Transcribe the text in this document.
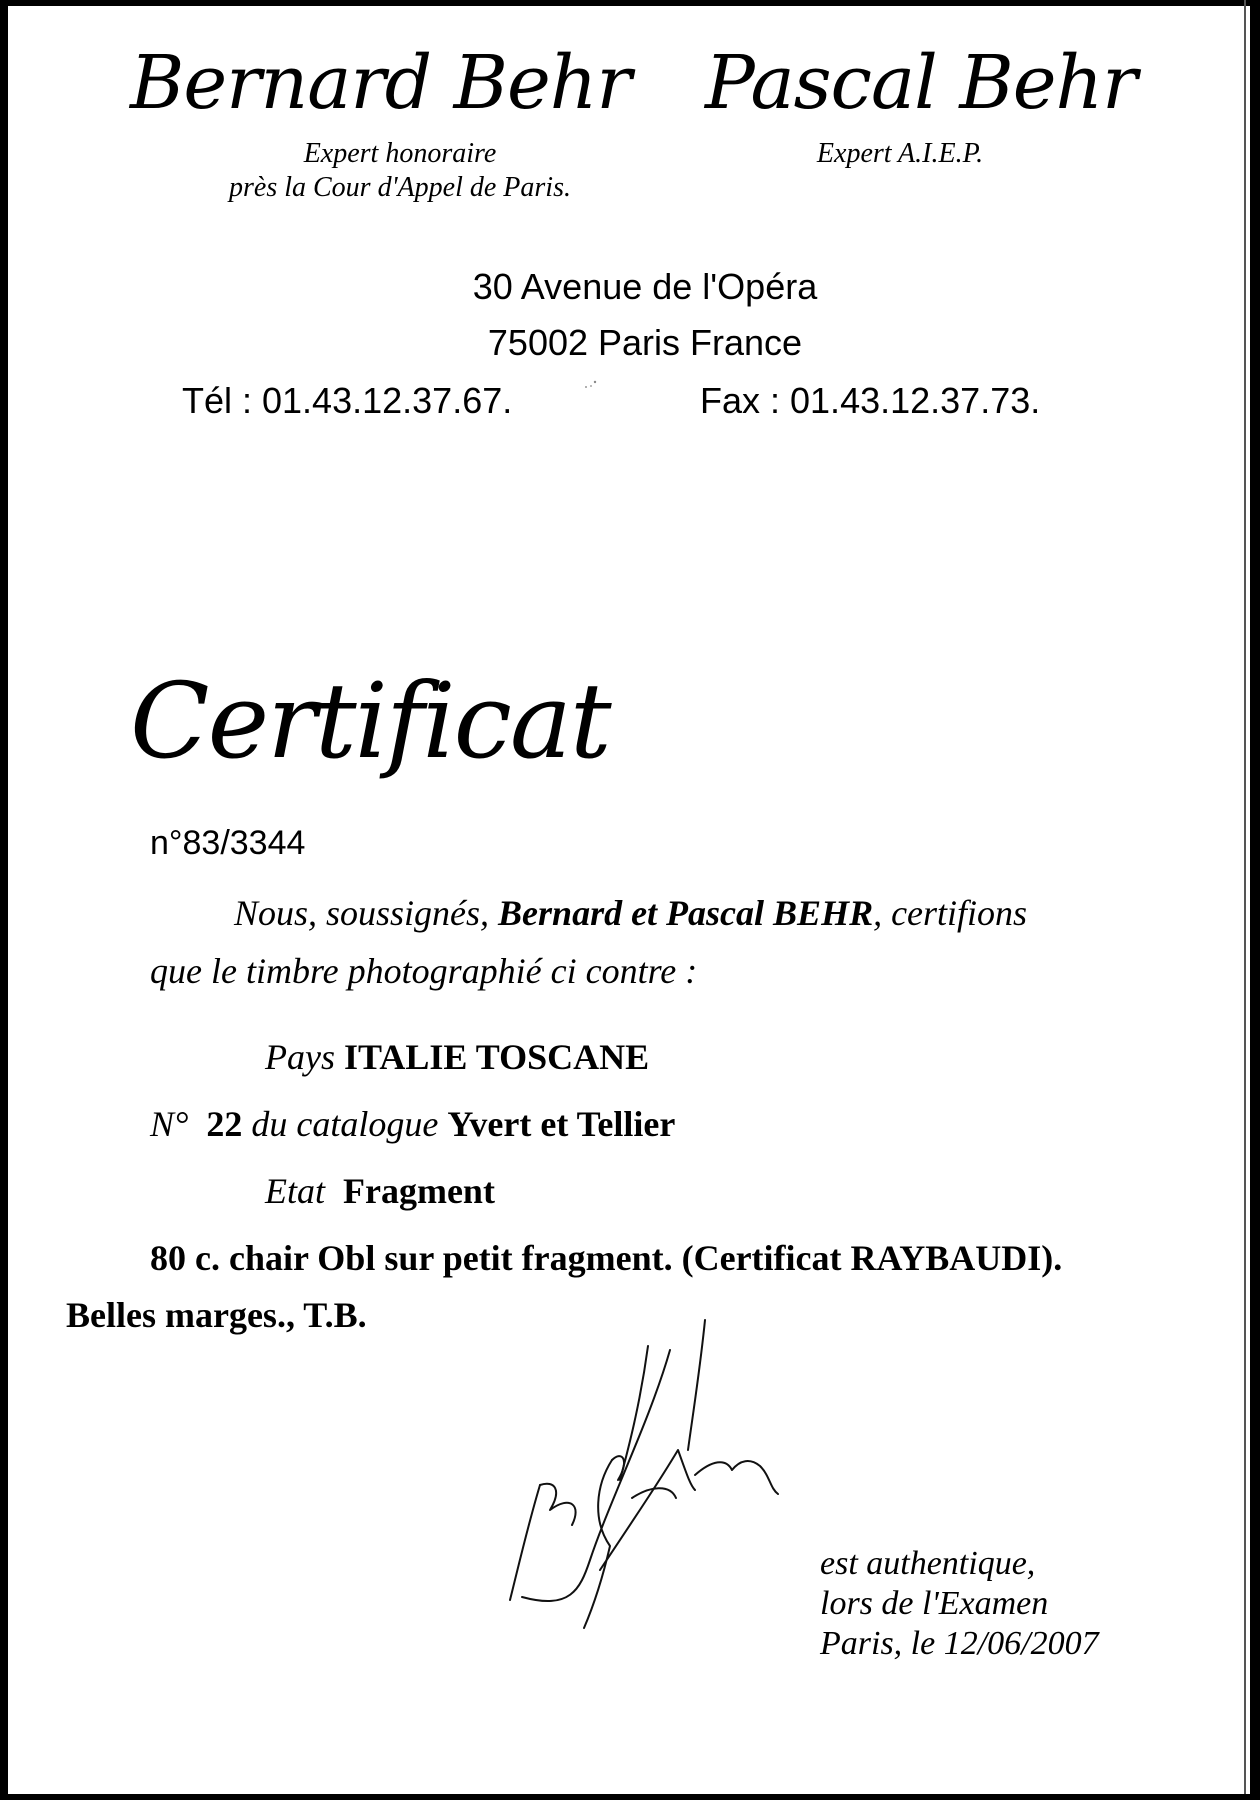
Bernard Behr Pascal Behr
Expert honoraire
près la Cour d'Appel de Paris.
Expert A.I.E.P.
30 Avenue de l'Opéra
75002 Paris France
Tél : 01.43.12.37.67.	Fax : 01.43.12.37.73.
Certificat
n°83/3344
Nous, soussignés, Bernard et Pascal BEHR, certifions
que le timbre photographié ci contre :
Pays ITALIE TOSCANE
N° 22 du catalogue Yvert et Tellier
Etat Fragment
80 c. chair Obl sur petit fragment. (Certificat RAYBAUDI).
Belles marges., T.B.
est authentique,
lors de l'Examen
Paris, le 12/06/2007
